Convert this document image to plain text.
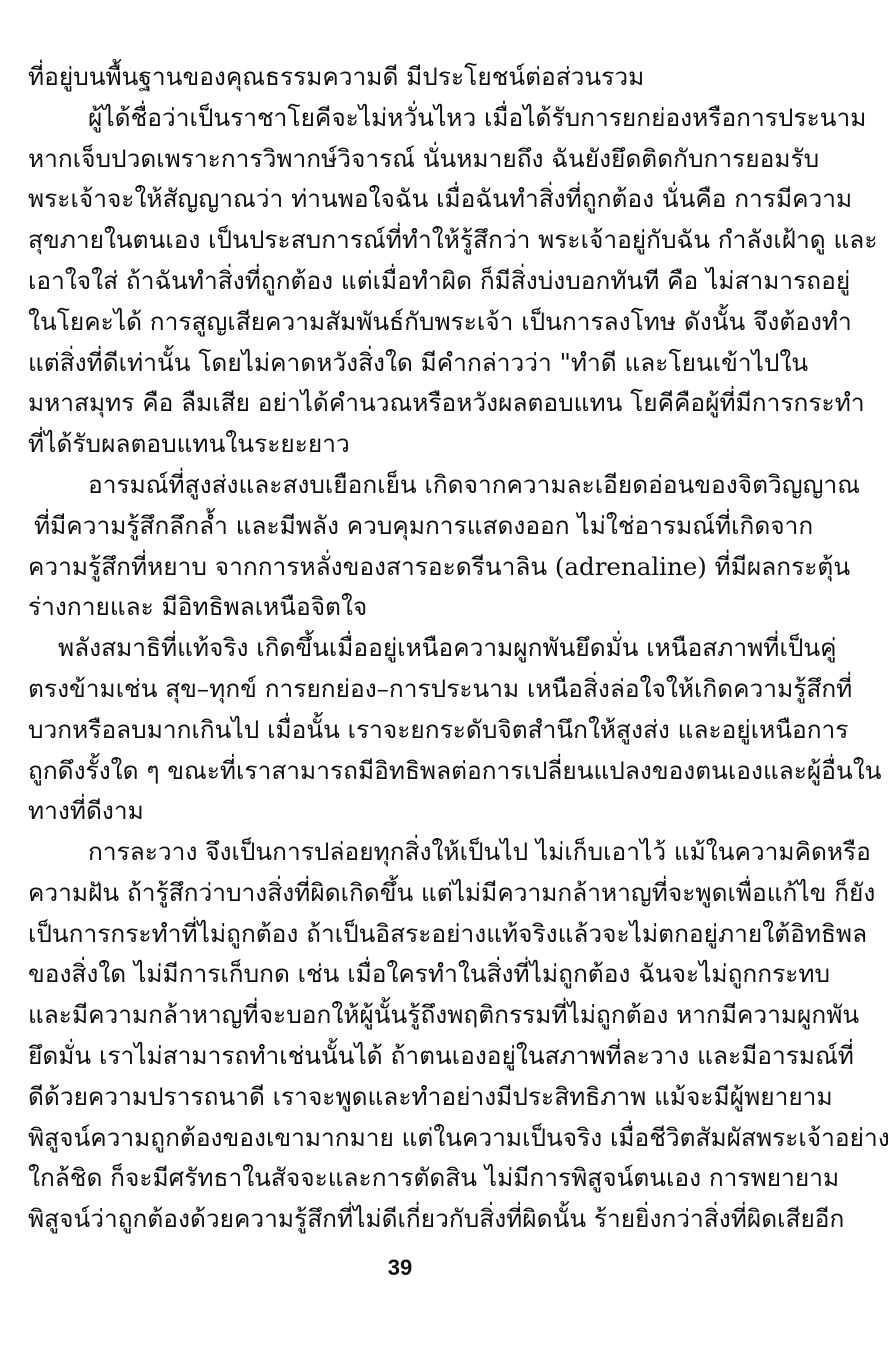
ที่อยู่บนพื้นฐานของคุณธรรมความดี มีประโยชน์ต่อส่วนรวม
ผู้ได้ชื่อว่าเป็นราชาโยคีจะไม่หวั่นไหว เมื่อได้รับการยกย่องหรือการประนาม
หากเจ็บปวดเพราะการวิพากษ์วิจารณ์ นั่นหมายถึง ฉันยังยึดติดกับการยอมรับ
พระเจ้าจะให้สัญญาณว่า ท่านพอใจฉัน เมื่อฉันทำสิ่งที่ถูกต้อง นั่นคือ การมีความ
สุขภายในตนเอง เป็นประสบการณ์ที่ทำให้รู้สึกว่า พระเจ้าอยู่กับฉัน กำลังเฝ้าดู และ
เอาใจใส่ ถ้าฉันทำสิ่งที่ถูกต้อง แต่เมื่อทำผิด ก็มีสิ่งบ่งบอกทันที คือ ไม่สามารถอยู่
ในโยคะได้ การสูญเสียความสัมพันธ์กับพระเจ้า เป็นการลงโทษ ดังนั้น จึงต้องทำ
แต่สิ่งที่ดีเท่านั้น โดยไม่คาดหวังสิ่งใด มีคำกล่าวว่า "ทำดี และโยนเข้าไปใน
มหาสมุทร คือ ลืมเสีย อย่าได้คำนวณหรือหวังผลตอบแทน โยคีคือผู้ที่มีการกระทำ
ที่ได้รับผลตอบแทนในระยะยาว
อารมณ์ที่สูงส่งและสงบเยือกเย็น เกิดจากความละเอียดอ่อนของจิตวิญญาณ
ที่มีความรู้สึกลึกล้ำ และมีพลัง ควบคุมการแสดงออก ไม่ใช่อารมณ์ที่เกิดจาก
ความรู้สึกที่หยาบ จากการหลั่งของสารอะดรีนาลิน (adrenaline) ที่มีผลกระตุ้น
ร่างกายและ มีอิทธิพลเหนือจิตใจ
พลังสมาธิที่แท้จริง เกิดขึ้นเมื่ออยู่เหนือความผูกพันยึดมั่น เหนือสภาพที่เป็นคู่
ตรงข้ามเช่น สุข–ทุกข์ การยกย่อง–การประนาม เหนือสิ่งล่อใจให้เกิดความรู้สึกที่
บวกหรือลบมากเกินไป เมื่อนั้น เราจะยกระดับจิตสำนึกให้สูงส่ง และอยู่เหนือการ
ถูกดึงรั้งใด ๆ ขณะที่เราสามารถมีอิทธิพลต่อการเปลี่ยนแปลงของตนเองและผู้อื่นใน
ทางที่ดีงาม
การละวาง จึงเป็นการปล่อยทุกสิ่งให้เป็นไป ไม่เก็บเอาไว้ แม้ในความคิดหรือ
ความฝัน ถ้ารู้สึกว่าบางสิ่งที่ผิดเกิดขึ้น แต่ไม่มีความกล้าหาญที่จะพูดเพื่อแก้ไข ก็ยัง
เป็นการกระทำที่ไม่ถูกต้อง ถ้าเป็นอิสระอย่างแท้จริงแล้วจะไม่ตกอยู่ภายใต้อิทธิพล
ของสิ่งใด ไม่มีการเก็บกด เช่น เมื่อใครทำในสิ่งที่ไม่ถูกต้อง ฉันจะไม่ถูกกระทบ
และมีความกล้าหาญที่จะบอกให้ผู้นั้นรู้ถึงพฤติกรรมที่ไม่ถูกต้อง หากมีความผูกพัน
ยึดมั่น เราไม่สามารถทำเช่นนั้นได้ ถ้าตนเองอยู่ในสภาพที่ละวาง และมีอารมณ์ที่
ดีด้วยความปรารถนาดี เราจะพูดและทำอย่างมีประสิทธิภาพ แม้จะมีผู้พยายาม
พิสูจน์ความถูกต้องของเขามากมาย แต่ในความเป็นจริง เมื่อชีวิตสัมผัสพระเจ้าอย่าง
ใกล้ชิด ก็จะมีศรัทธาในสัจจะและการตัดสิน ไม่มีการพิสูจน์ตนเอง การพยายาม
พิสูจน์ว่าถูกต้องด้วยความรู้สึกที่ไม่ดีเกี่ยวกับสิ่งที่ผิดนั้น ร้ายยิ่งกว่าสิ่งที่ผิดเสียอีก
39
